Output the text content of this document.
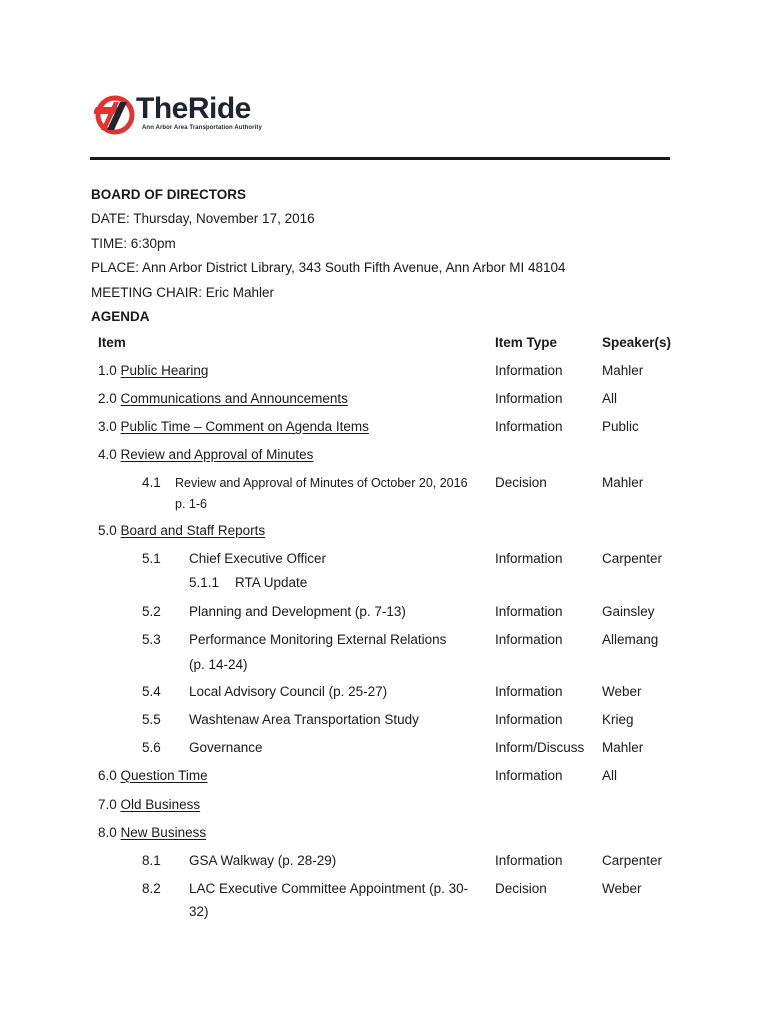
TheRide
Ann Arbor Area Transportation Authority
BOARD OF DIRECTORS
DATE: Thursday, November 17, 2016
TIME: 6:30pm
PLACE: Ann Arbor District Library, 343 South Fifth Avenue, Ann Arbor MI 48104
MEETING CHAIR: Eric Mahler
AGENDA
Item	Item Type	Speaker(s)
1.0 Public Hearing	Information	Mahler
2.0 Communications and Announcements	Information	All
3.0 Public Time – Comment on Agenda Items	Information	Public
4.0 Review and Approval of Minutes
4.1 Review and Approval of Minutes of October 20, 2016
p. 1-6
Decision	Mahler
5.0 Board and Staff Reports
5.1 Chief Executive Officer	Information	Carpenter
5.1.1 RTA Update
5.2 Planning and Development (p. 7-13)	Information	Gainsley
5.3 Performance Monitoring External Relations
(p. 14-24)
Information	Allemang
5.4 Local Advisory Council (p. 25-27)	Information	Weber
5.5 Washtenaw Area Transportation Study	Information	Krieg
5.6 Governance	Inform/Discuss Mahler
6.0 Question Time	Information	All
7.0 Old Business
8.0 New Business
8.1 GSA Walkway (p. 28-29)	Information	Carpenter
8.2 LAC Executive Committee Appointment (p. 30-
32)
Decision	Weber
